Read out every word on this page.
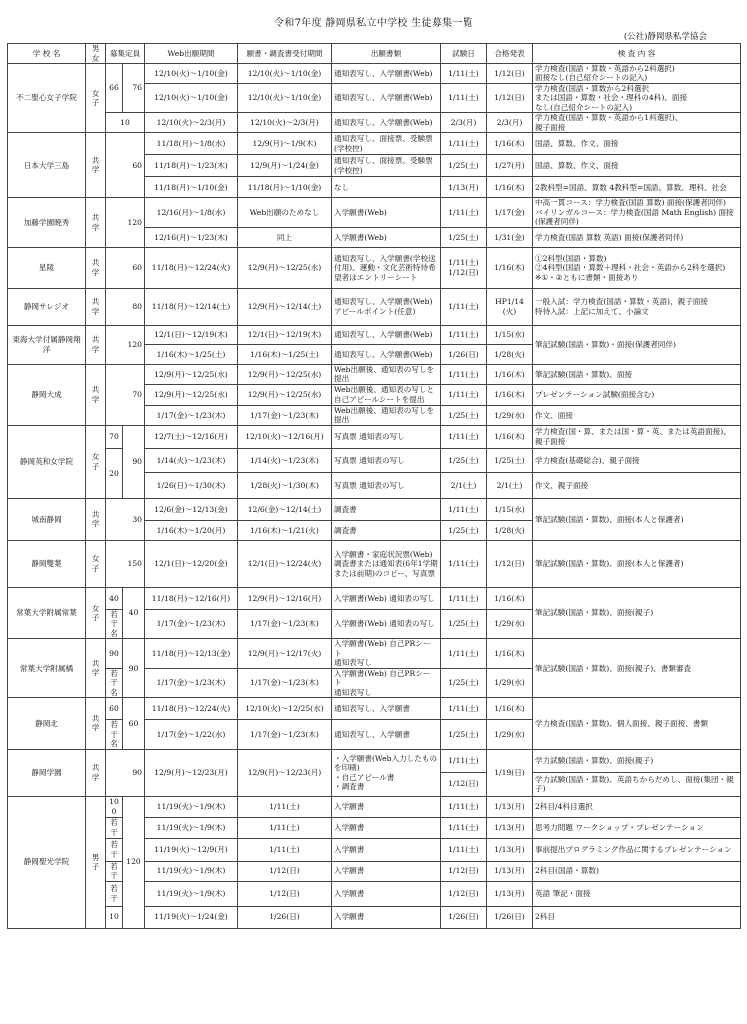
令和7年度 静岡県私立中学校 生徒募集一覧
(公社)静岡県私学協会
学 校 名	男女	募集定員		Web出願期間	願書・調査書受付期間	出願書類	試験日	合格発表	検 査 内 容
不二聖心女子学院	女子	66	76	12/10(火)～1/10(金)	12/10(火)～1/10(金)	通知表写し、入学願書(Web)	1/11(土)	1/12(日)	学力検査(国語・算数・英語から2科選択)
面接なし(自己紹介シートの記入)
				12/10(火)～1/10(金)	12/10(火)～1/10(金)	通知表写し、入学願書(Web)	1/11(土)	1/12(日)	学力検査(国語・算数から2科選択
または国語・算数・社会・理科の4科)、面接
なし(自己紹介シートの記入)
		10		12/10(火)～2/3(月)	12/10(火)～2/3(月)	通知表写し、入学願書(Web)	2/3(月)	2/3(月)	学力検査(国語・算数・英語から1科選択)、
親子面接
日本大学三島	共学	60		11/18(月)～1/8(水)	12/9(月)～1/9(木)	通知表写し、面接票、受験票(学校控)	1/11(土)	1/16(木)	国語、算数、作文、面接
				11/18(月)～1/23(木)	12/9(月)～1/24(金)	通知表写し、面接票、受験票(学校控)	1/25(土)	1/27(月)	国語、算数、作文、面接
				11/18(月)～1/10(金)	11/18(月)～1/10(金)	なし	1/13(月)	1/16(木)	2教科型=国語、算数 4教科型=国語、算数、理科、社会
加藤学園暁秀	共学	120		12/16(月)～1/8(水)	Web出願のためなし	入学願書(Web)	1/11(土)	1/17(金)	中高一貫コース：学力検査(国語 算数) 面接(保護者同伴)
バイリンガルコース：学力検査(国語 Math English) 面接(保護者同伴)
				12/16(月)～1/23(木)	同上	入学願書(Web)	1/25(土)	1/31(金)	学力検査(国語 算数 英語) 面接(保護者同伴)
星陵	共学	60		11/18(月)～12/24(火)	12/9(月)～12/25(水)	通知表写し、入学願書(学校送付用)、運動・文化芸術特待希望者はエントリーシート	1/11(土)
1/12(日)	1/16(木)	①2科型(国語・算数)
②4科型(国語・算数＋理科・社会・英語から2科を選択)
※①・②ともに書類・面接あり
静岡サレジオ	共学	80		11/18(月)～12/14(土)	12/9(月)～12/14(土)	通知表写し、入学願書(Web)
アピールポイント(任意)	1/11(土)	HP1/14(火)	一般入試：学力検査(国語・算数・英語)、親子面接
特待入試：上記に加えて、小論文
東海大学付属静岡翔洋	共学	120		12/1(日)～12/19(木)	12/1(日)～12/19(木)	通知表写し、入学願書(Web)	1/11(土)	1/15(水)	筆記試験(国語・算数)・面接(保護者同伴)
				1/16(木)～1/25(土)	1/16(木)～1/25(土)	通知表写し、入学願書(Web)	1/26(日)	1/28(火)	
静岡大成	共学	70		12/9(月)～12/25(水)	12/9(月)～12/25(水)	Web出願後、通知表の写しを提出	1/11(土)	1/16(木)	筆記試験(国語・算数)、面接
				12/9(月)～12/25(水)	12/9(月)～12/25(水)	Web出願後、通知表の写しと自己アピールシートを提出	1/11(土)	1/16(木)	プレゼンテーション試験(面接含む)
				1/17(金)～1/23(木)	1/17(金)～1/23(木)	Web出願後、通知表の写しを提出	1/25(土)	1/29(水)	作文、面接
静岡英和女学院	女子	70	90	12/7(土)～12/16(月)	12/10(火)～12/16(月)	写真票 通知表の写し	1/11(土)	1/16(木)	学力検査(国・算、または国・算・英、または英語面接)、親子面接
		20		1/14(火)～1/23(木)	1/14(火)～1/23(木)	写真票 通知表の写し	1/25(土)	1/25(土)	学力検査(基礎総合)、親子面接
				1/26(日)～1/30(木)	1/28(火)～1/30(木)	写真票 通知表の写し	2/1(土)	2/1(土)	作文、親子面接
城南静岡	共学	30		12/6(金)～12/13(金)	12/6(金)～12/14(土)	調査書	1/11(土)	1/15(水)	筆記試験(国語・算数)、面接(本人と保護者)
				1/16(木)～1/20(月)	1/16(木)～1/21(火)	調査書	1/25(土)	1/28(火)	
静岡雙葉	女子	150		12/1(日)～12/20(金)	12/1(日)～12/24(火)	入学願書・家庭状況票(Web)
調査書または通知表(6年1学期または前期)のコピー、写真票	1/11(土)	1/12(日)	筆記試験(国語・算数)、面接(本人と保護者)
常葉大学附属常葉	女子	40	40	11/18(月)～12/16(月)	12/9(月)～12/16(月)	入学願書(Web) 通知表の写し	1/11(土)	1/16(木)	筆記試験(国語・算数)、面接(親子)
		若干名		1/17(金)～1/23(木)	1/17(金)～1/23(木)	入学願書(Web) 通知表の写し	1/25(土)	1/29(水)	
常葉大学附属橘	共学	90	90	11/18(月)～12/13(金)	12/9(月)～12/17(火)	入学願書(Web) 自己PRシート
通知表写し	1/11(土)	1/16(木)	筆記試験(国語・算数)、面接(親子)、書類審査
		若干名		1/17(金)～1/23(木)	1/17(金)～1/23(木)	入学願書(Web) 自己PRシート
通知表写し	1/25(土)	1/29(水)	
静岡北	共学	60	60	11/18(月)～12/24(火)	12/10(火)～12/25(水)	通知表写し、入学願書	1/11(土)	1/16(木)	学力検査(国語・算数)、個人面接、親子面接、書類
		若干名		1/17(金)～1/22(水)	1/17(金)～1/23(木)	通知表写し、入学願書	1/25(土)	1/29(水)	
静岡学園	共学	90		12/9(月)～12/23(月)	12/9(月)～12/23(月)	・入学願書(Web入力したものを印刷)
・自己アピール書
・調査書	1/11(土)	1/19(日)	学力試験(国語・算数)、面接(親子)
							1/12(日)		学力試験(国語・算数)、英語ちからだめし、面接(集団・親子)
静岡聖光学院	男子	100	120	11/19(火)～1/9(木)	1/11(土)	入学願書	1/11(土)	1/13(月)	2科目/4科目選択
		若干		11/19(火)～1/9(木)	1/11(土)	入学願書	1/11(土)	1/13(月)	思考力問題 ワークショップ・プレゼンテーション
		若干		11/19(火)～12/9(月)	1/11(土)	入学願書	1/11(土)	1/13(月)	事前提出プログラミング作品に関するプレゼンテーション
		若干		11/19(火)～1/9(木)	1/12(日)	入学願書	1/12(日)	1/13(月)	2科目(国語・算数)
		若干		11/19(火)～1/9(木)	1/12(日)	入学願書	1/12(日)	1/13(月)	英語 筆記・面接
		10		11/19(火)～1/24(金)	1/26(日)	入学願書	1/26(日)	1/26(日)	2科目
